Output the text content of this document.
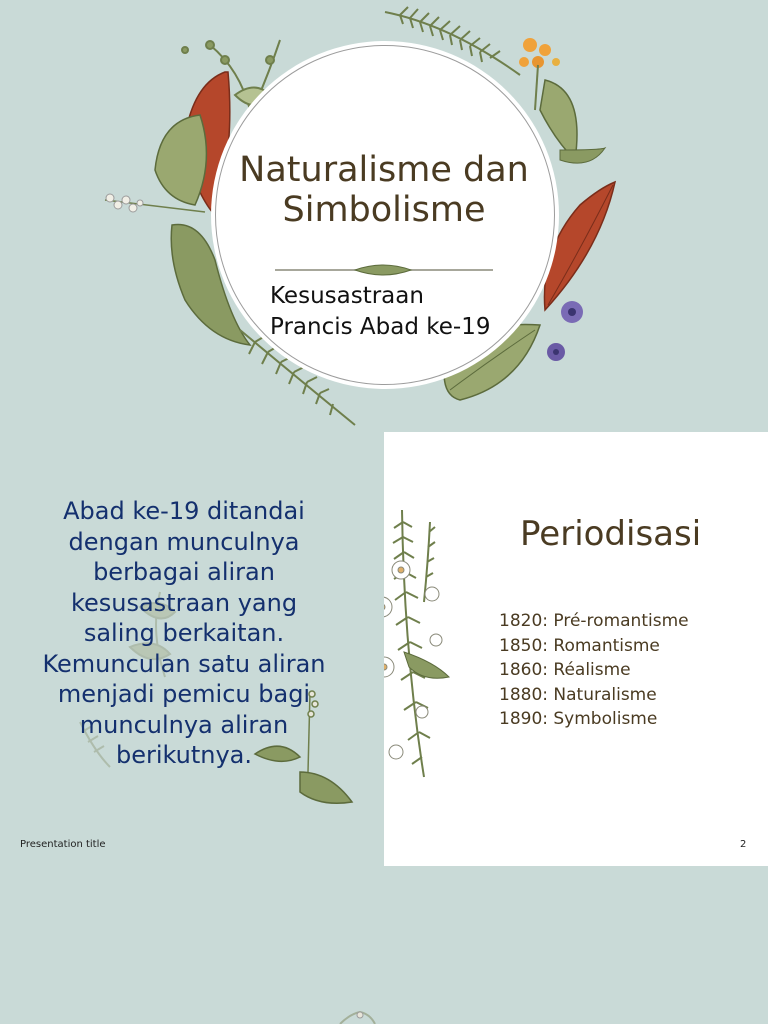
Naturalisme dan Simbolisme

Kesusastraan Prancis Abad ke-19

Abad ke-19 ditandai dengan munculnya berbagai aliran kesusastraan yang saling berkaitan. Kemunculan satu aliran menjadi pemicu bagi munculnya aliran berikutnya.

Presentation title

Periodisasi
1820: Pré-romantisme
1850: Romantisme
1860: Réalisme
1880: Naturalisme
1890: Symbolisme

2
